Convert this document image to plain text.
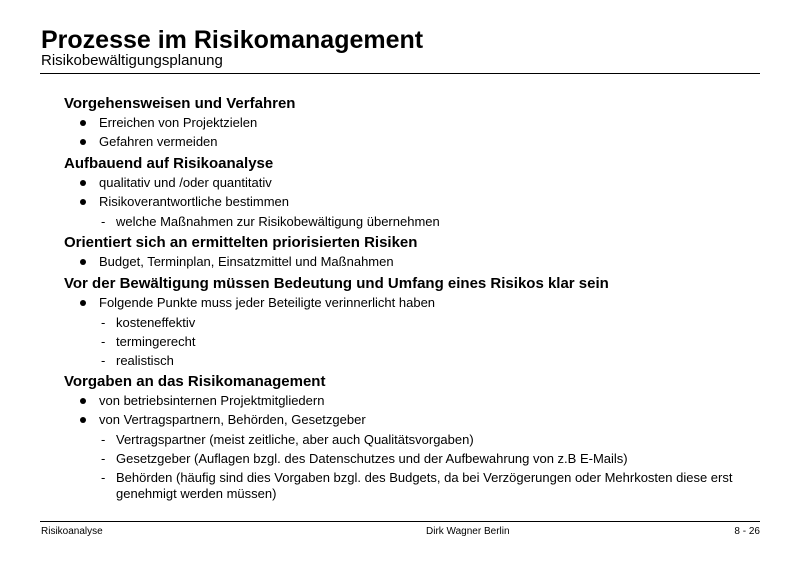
Prozesse im Risikomanagement
Risikobewältigungsplanung
Vorgehensweisen und Verfahren
Erreichen von Projektzielen
Gefahren vermeiden
Aufbauend auf Risikoanalyse
qualitativ und /oder quantitativ
Risikoverantwortliche bestimmen
- welche Maßnahmen zur Risikobewältigung übernehmen
Orientiert sich an ermittelten priorisierten Risiken
Budget, Terminplan, Einsatzmittel und Maßnahmen
Vor der Bewältigung müssen Bedeutung und Umfang eines Risikos klar sein
Folgende Punkte muss jeder Beteiligte verinnerlicht haben
- kosteneffektiv
- termingerecht
- realistisch
Vorgaben an das Risikomanagement
von betriebsinternen Projektmitgliedern
von Vertragspartnern, Behörden, Gesetzgeber
- Vertragspartner (meist zeitliche, aber auch Qualitätsvorgaben)
- Gesetzgeber (Auflagen bzgl. des Datenschutzes und der Aufbewahrung von z.B E-Mails)
- Behörden (häufig sind dies Vorgaben bzgl. des Budgets, da bei Verzögerungen oder Mehrkosten diese erst genehmigt werden müssen)
Risikoanalyse	Dirk Wagner Berlin	8 - 26
